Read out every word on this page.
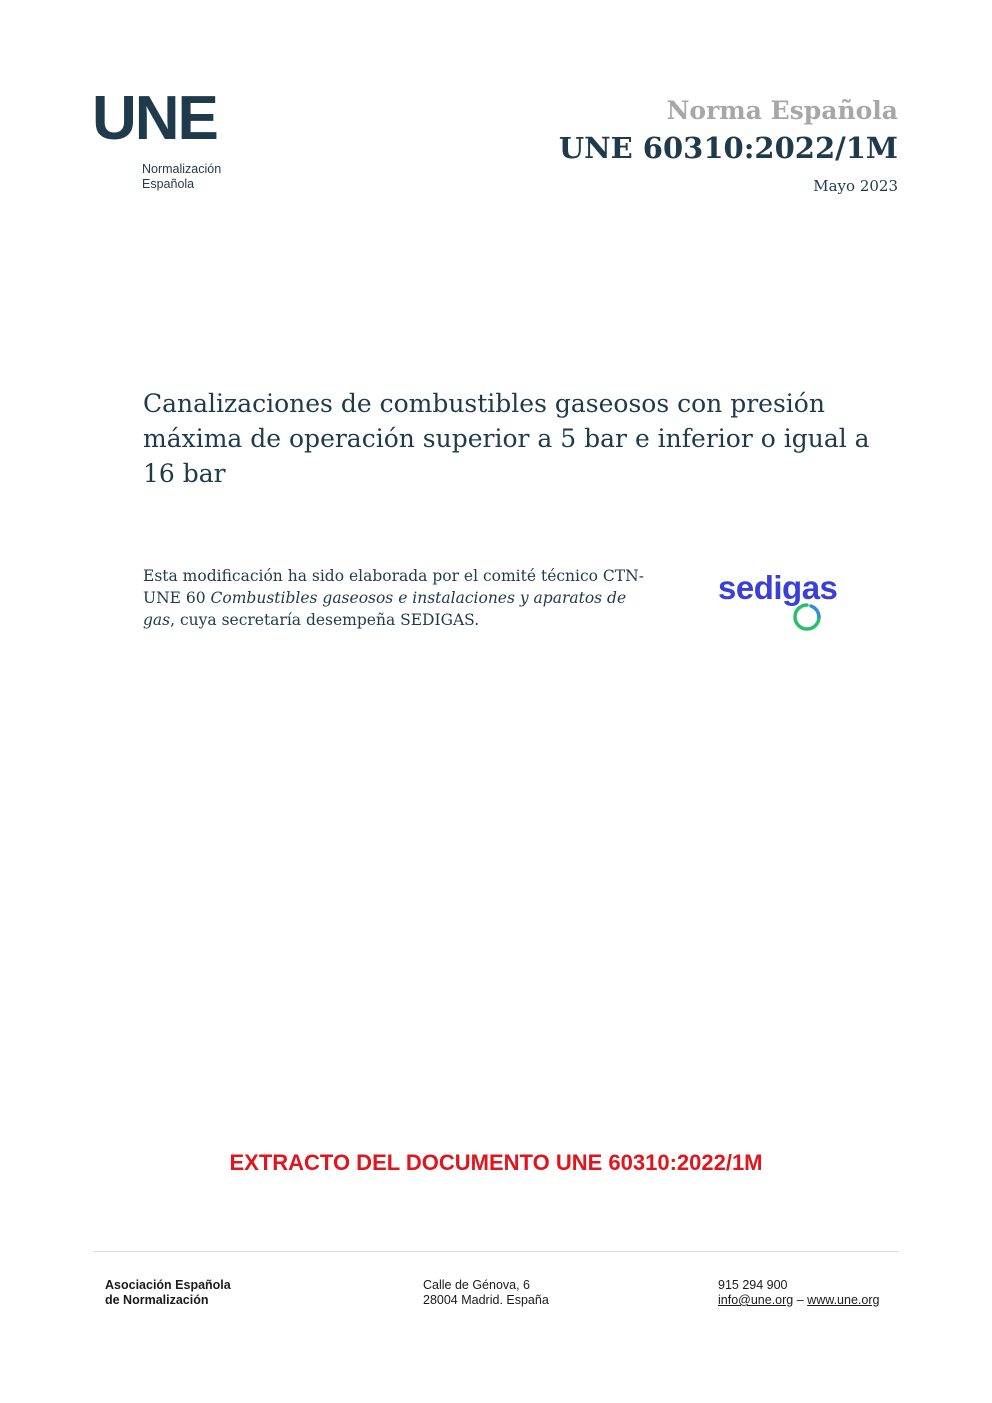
UNE
Normalización
Española
Norma Española
UNE 60310:2022/1M
Mayo 2023
Canalizaciones de combustibles gaseosos con presión máxima de operación superior a 5 bar e inferior o igual a 16 bar
Esta modificación ha sido elaborada por el comité técnico CTN-UNE 60 Combustibles gaseosos e instalaciones y aparatos de gas, cuya secretaría desempeña SEDIGAS.
sedigas
EXTRACTO DEL DOCUMENTO UNE 60310:2022/1M
Asociación Española
de Normalización
Calle de Génova, 6
28004 Madrid. España
915 294 900
info@une.org – www.une.org
